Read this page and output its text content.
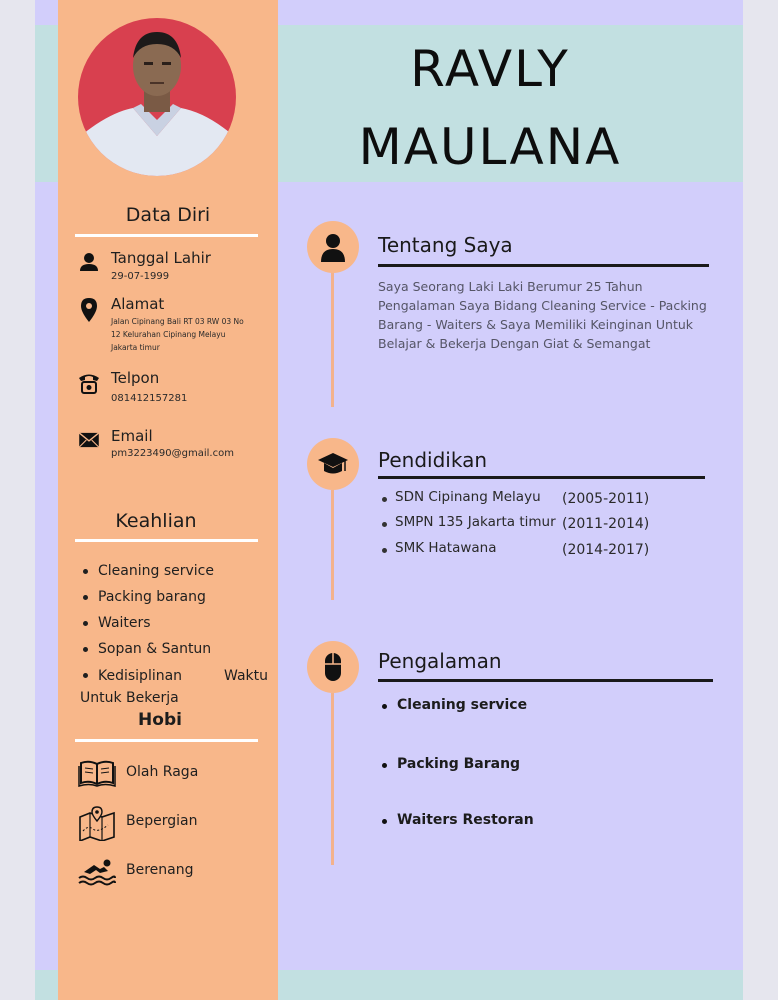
RAVLY
MAULANA
Data Diri
Tanggal Lahir
29-07-1999
Alamat
Jalan Cipinang Bali RT 03 RW 03 No 12 Kelurahan Cipinang Melayu Jakarta timur
Telpon
081412157281
Email
pm3223490@gmail.com
Keahlian
Cleaning service
Packing barang
Waiters
Sopan & Santun
Kedisiplinan Waktu
Untuk Bekerja
Hobi
Olah Raga
Bepergian
Berenang
Tentang Saya
Saya Seorang Laki Laki Berumur 25 Tahun Pengalaman Saya Bidang Cleaning Service - Packing Barang - Waiters & Saya Memiliki Keinginan Untuk Belajar & Bekerja Dengan Giat & Semangat
Pendidikan
SDN Cipinang Melayu (2005-2011)
SMPN 135 Jakarta timur (2011-2014)
SMK Hatawana	(2014-2017)
Pengalaman
Cleaning service
Packing Barang
Waiters Restoran
